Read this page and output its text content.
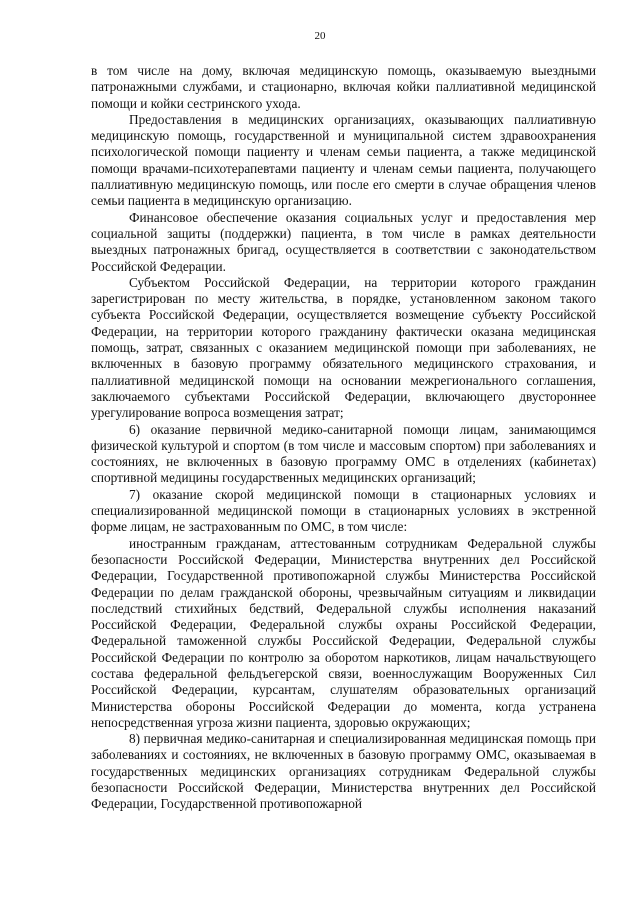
20

в том числе на дому, включая медицинскую помощь, оказываемую выездными патронажными службами, и стационарно, включая койки паллиативной медицинской помощи и койки сестринского ухода.

Предоставления в медицинских организациях, оказывающих паллиативную медицинскую помощь, государственной и муниципальной систем здравоохранения психологической помощи пациенту и членам семьи пациента, а также медицинской помощи врачами-психотерапевтами пациенту и членам семьи пациента, получающего паллиативную медицинскую помощь, или после его смерти в случае обращения членов семьи пациента в медицинскую организацию.

Финансовое обеспечение оказания социальных услуг и предоставления мер социальной защиты (поддержки) пациента, в том числе в рамках деятельности выездных патронажных бригад, осуществляется в соответствии с законодательством Российской Федерации.

Субъектом Российской Федерации, на территории которого гражданин зарегистрирован по месту жительства, в порядке, установленном законом такого субъекта Российской Федерации, осуществляется возмещение субъекту Российской Федерации, на территории которого гражданину фактически оказана медицинская помощь, затрат, связанных с оказанием медицинской помощи при заболеваниях, не включенных в базовую программу обязательного медицинского страхования, и паллиативной медицинской помощи на основании межрегионального соглашения, заключаемого субъектами Российской Федерации, включающего двустороннее урегулирование вопроса возмещения затрат;

6) оказание первичной медико-санитарной помощи лицам, занимающимся физической культурой и спортом (в том числе и массовым спортом) при заболеваниях и состояниях, не включенных в базовую программу ОМС в отделениях (кабинетах) спортивной медицины государственных медицинских организаций;

7) оказание скорой медицинской помощи в стационарных условиях и специализированной медицинской помощи в стационарных условиях в экстренной форме лицам, не застрахованным по ОМС, в том числе:

иностранным гражданам, аттестованным сотрудникам Федеральной службы безопасности Российской Федерации, Министерства внутренних дел Российской Федерации, Государственной противопожарной службы Министерства Российской Федерации по делам гражданской обороны, чрезвычайным ситуациям и ликвидации последствий стихийных бедствий, Федеральной службы исполнения наказаний Российской Федерации, Федеральной службы охраны Российской Федерации, Федеральной таможенной службы Российской Федерации, Федеральной службы Российской Федерации по контролю за оборотом наркотиков, лицам начальствующего состава федеральной фельдъегерской связи, военнослужащим Вооруженных Сил Российской Федерации, курсантам, слушателям образовательных организаций Министерства обороны Российской Федерации до момента, когда устранена непосредственная угроза жизни пациента, здоровью окружающих;

8) первичная медико-санитарная и специализированная медицинская помощь при заболеваниях и состояниях, не включенных в базовую программу ОМС, оказываемая в государственных медицинских организациях сотрудникам Федеральной службы безопасности Российской Федерации, Министерства внутренних дел Российской Федерации, Государственной противопожарной
